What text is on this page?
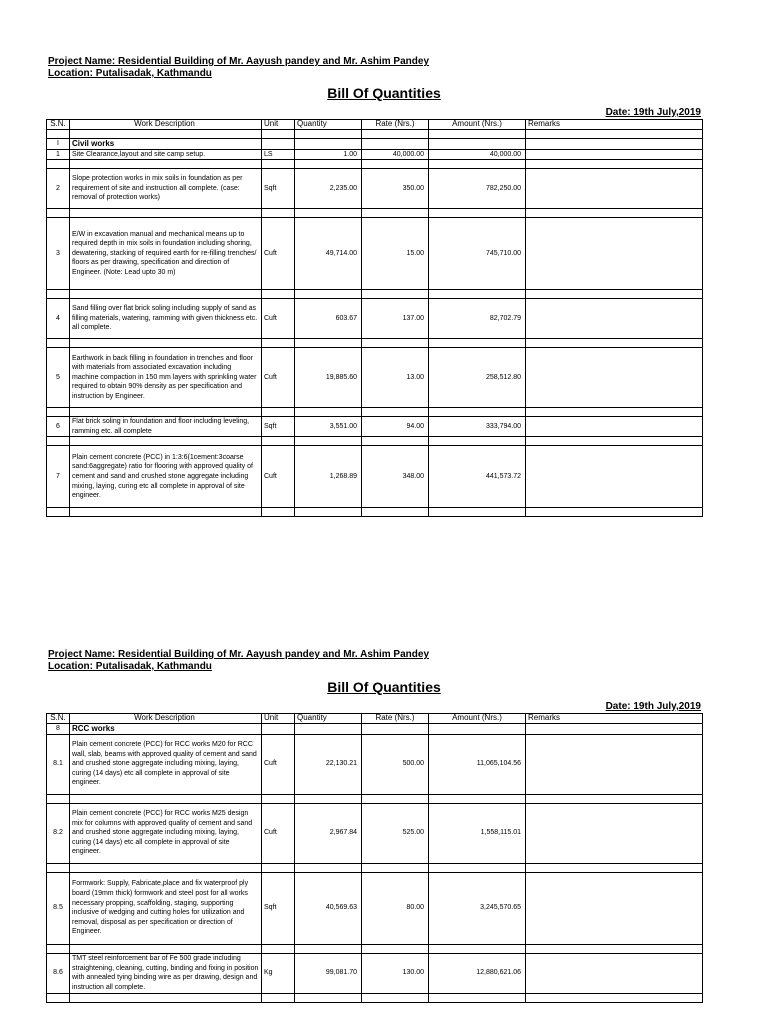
Project Name: Residential Building of Mr. Aayush pandey and Mr. Ashim Pandey
Location: Putalisadak, Kathmandu
Bill Of Quantities
Date: 19th July,2019
S.N.	Work Description	Unit	Quantity	Rate (Nrs.)	Amount (Nrs.)	Remarks

I	Civil works					
1	Site Clearance,layout and site camp setup.	LS	1.00	40,000.00	40,000.00	

2	Slope protection works in mix soils in foundation as per requirement of site and instruction all complete. (case: removal of protection works)	Sqft	2,235.00	350.00	782,250.00	

3	E/W in excavation manual and mechanical means up to required depth in mix soils in foundation including shoring, dewatering, stacking of required earth for re-filling trenches/ floors as per drawing, specification and direction of Engineer. (Note: Lead upto 30 m)	Cuft	49,714.00	15.00	745,710.00	

4	Sand filling over flat brick soling including supply of sand as filling materials, watering, ramming with given thickness etc. all complete.	Cuft	603.67	137.00	82,702.79	

5	Earthwork in back filling in foundation in trenches and floor with materials from associated excavation including machine compaction in 150 mm layers with sprinkling water required to obtain 90% density as per specification and instruction by Engineer.	Cuft	19,885.60	13.00	258,512.80	

6	Flat brick soling in foundation and floor including leveling, ramming etc. all complete	Sqft	3,551.00	94.00	333,794.00	

7	Plain cement concrete (PCC) in 1:3:6(1cement:3coarse sand:6aggregate) ratio for flooring with approved quality of cement and sand and crushed stone aggregate including mixing, laying, curing etc all complete in approval of site engineer.	Cuft	1,268.89	348.00	441,573.72	

Project Name: Residential Building of Mr. Aayush pandey and Mr. Ashim Pandey
Location: Putalisadak, Kathmandu
Bill Of Quantities
Date: 19th July,2019
S.N.	Work Description	Unit	Quantity	Rate (Nrs.)	Amount (Nrs.)	Remarks
8	RCC works					
8.1	Plain cement concrete (PCC) for RCC works M20 for RCC wall, slab, beams with approved quality of cement and sand and crushed stone aggregate including mixing, laying, curing (14 days) etc all complete in approval of site engineer.	Cuft	22,130.21	500.00	11,065,104.56	

8.2	Plain cement concrete (PCC) for RCC works M25 design mix for columns with approved quality of cement and sand and crushed stone aggregate including mixing, laying, curing (14 days) etc all complete in approval of site engineer.	Cuft	2,967.84	525.00	1,558,115.01	

8.5	Formwork: Supply, Fabricate,place and fix waterproof ply board (19mm thick) formwork and steel post for all works necessary propping, scaffolding, staging, supporting inclusive of wedging and cutting holes for utilization and removal, disposal as per specification or direction of Engineer.	Sqft	40,569.63	80.00	3,245,570.65	

8.6	TMT steel reinforcement bar of Fe 500 grade including straightening, cleaning, cutting, binding and fixing in position with annealed tying binding wire as per drawing, design and instruction all complete.	Kg	99,081.70	130.00	12,880,621.06	
